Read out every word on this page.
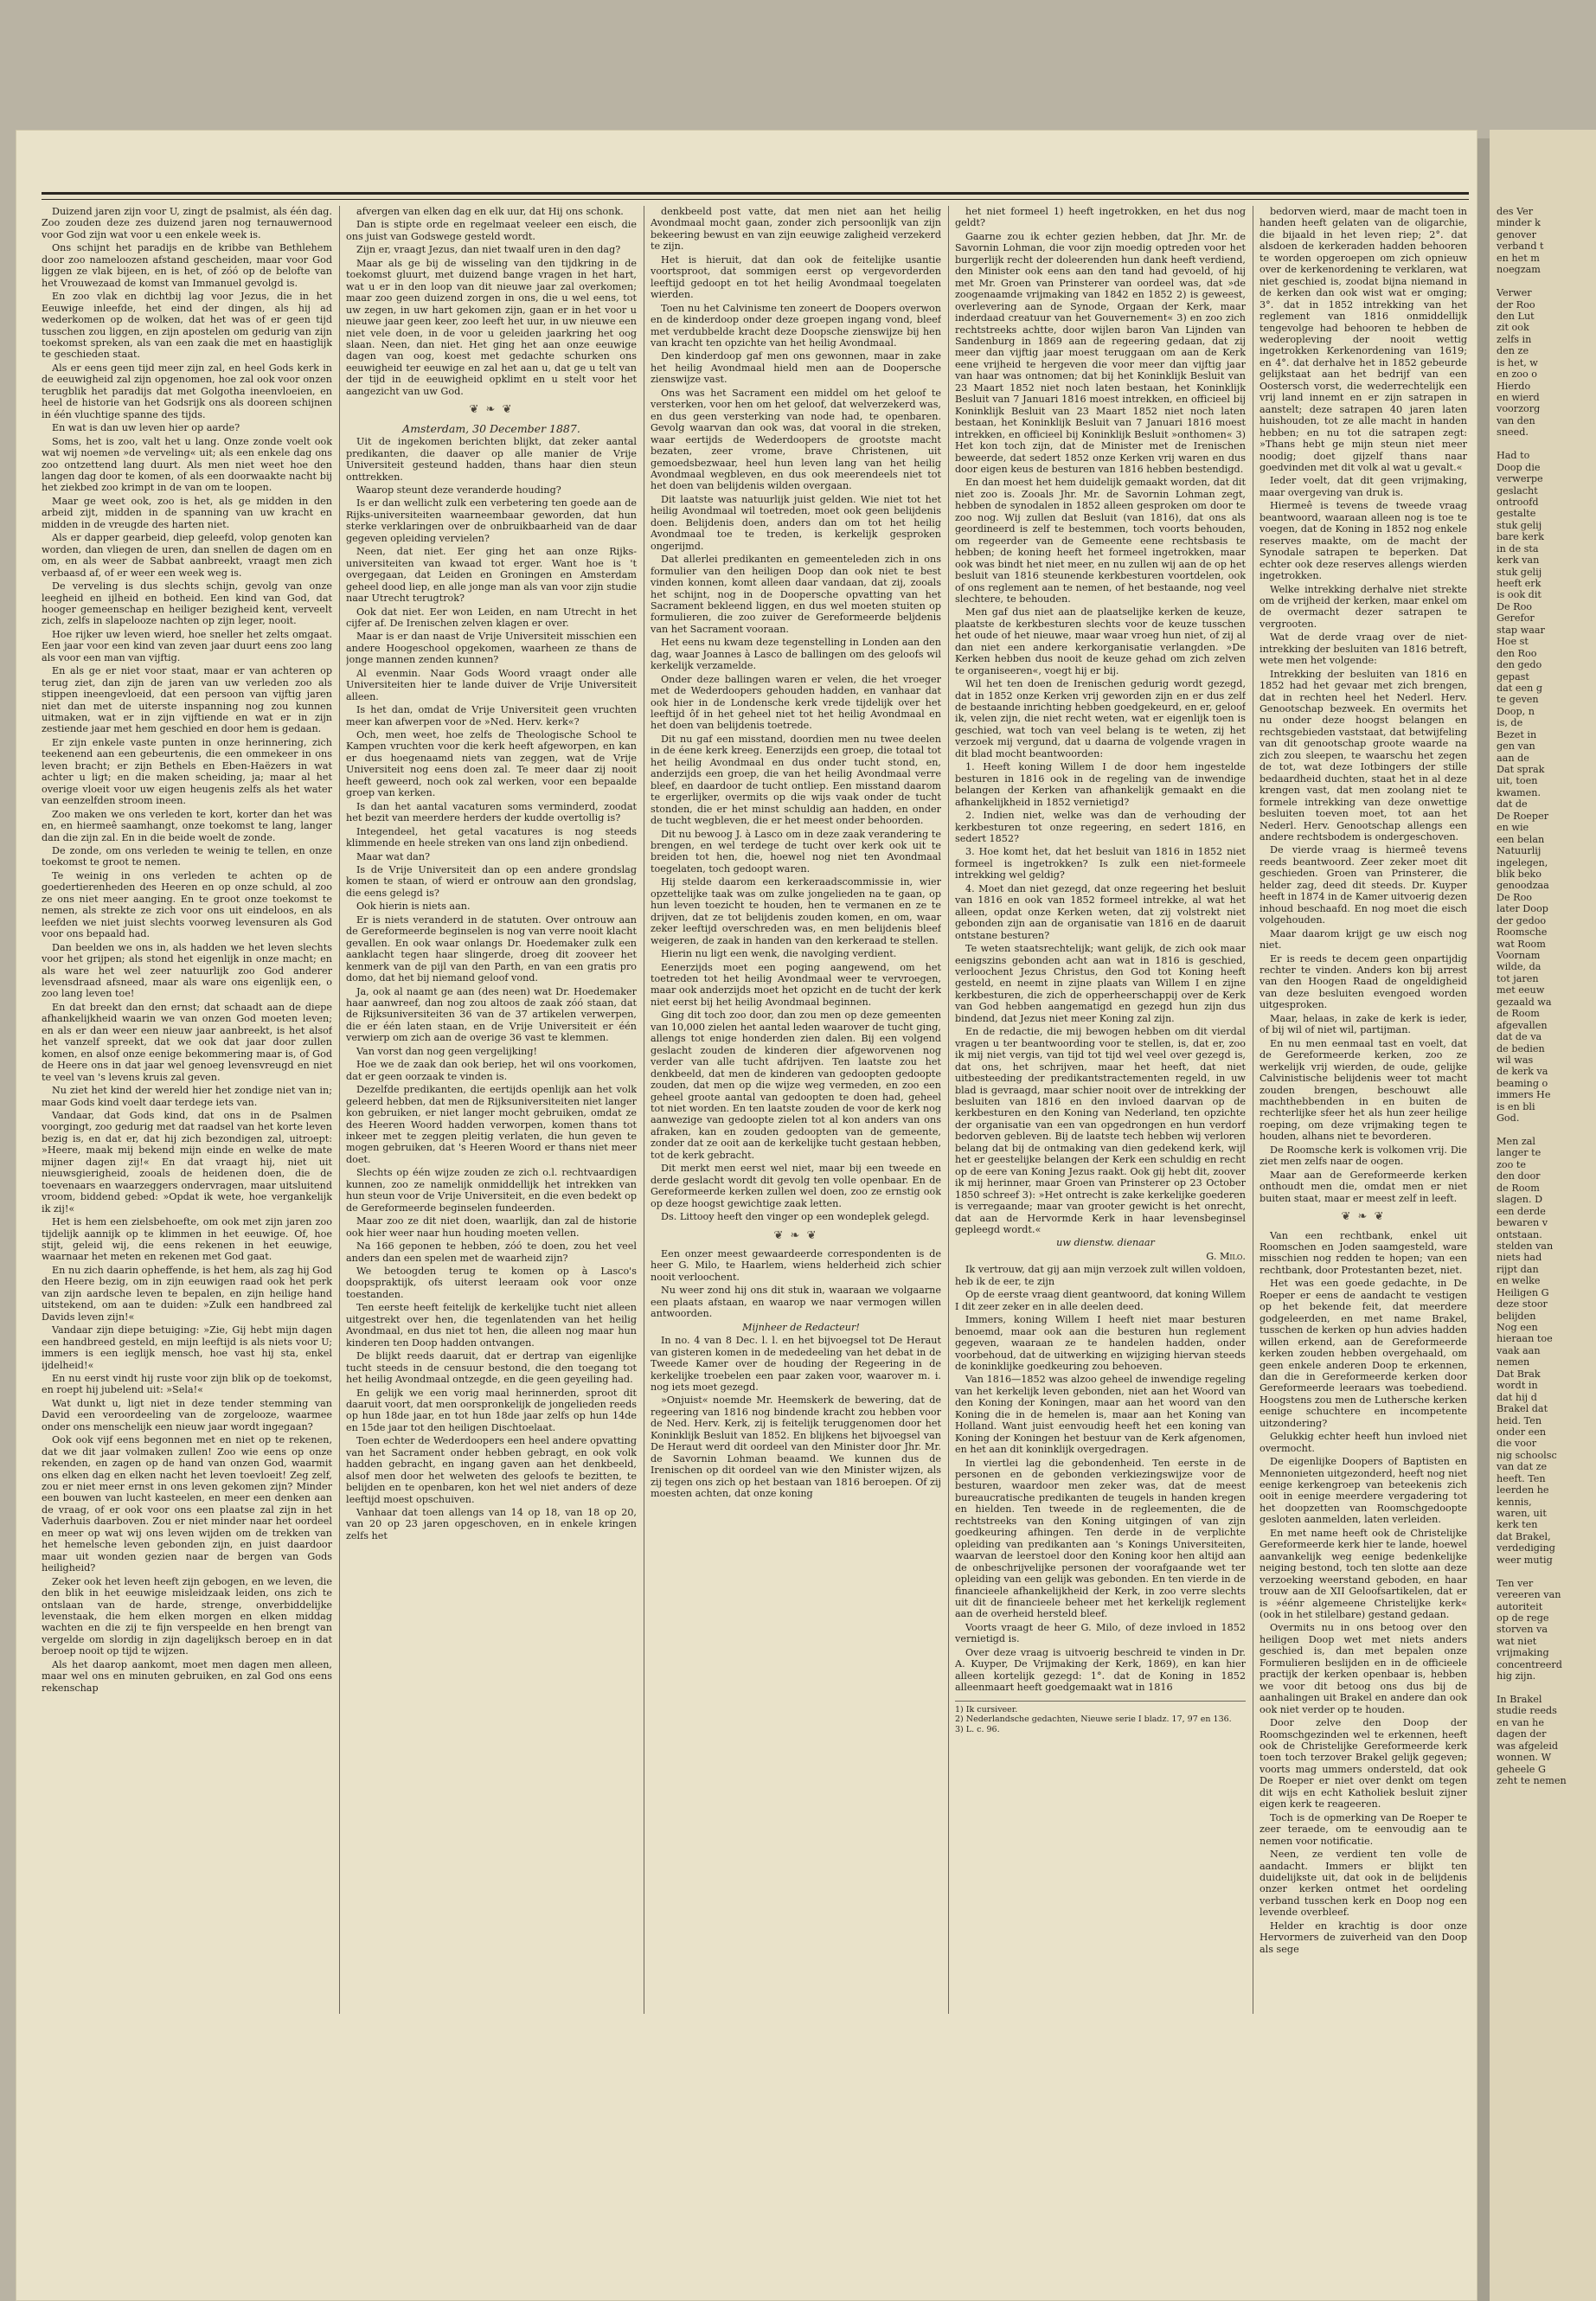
des Ver
minder k
genover
verband t
en het m
noegzam
Verwer
der Roo
den Lut
zit ook
zelfs in
den ze
is het, w
en zoo o
Hierdo
en wierd
voorzorg
van den
sneed.
Had to
Doop die
verwerpe
geslacht
ontroofd
gestalte
stuk gelij
bare kerk
in de sta
kerk van
stuk gelij
heeft erk
is ook dit
De Roo
Gerefor
stap waar
Hoe st
den Roo
den gedo
gepast
dat een g
te geven
Doop, n
is, de
Bezet in
gen van
aan de
Dat sprak
uit, toen
kwamen.
dat de
De Roeper
en wie
een belan
Natuurlij
ingelegen,
blik beko
genoodzaa
De Roo
later Doop
der gedoo
Roomsche
wat Room
Voornam
wilde, da
tot jaren
met eeuw
gezaald wa
de Room
afgevallen
dat de va
de bedien
wil was
de kerk va
beaming o
immers He
is en bli
God.
Men zal
langer te
zoo te
den door
de Room
slagen. D
een derde
bewaren v
ontstaan.
stelden van
niets had
rijpt dan
en welke
Heiligen G
deze stoor
belijden
Nog een
hieraan toe
vaak aan
nemen
Dat Brak
wordt in
dat hij d
Brakel dat
heid. Ten
onder een
die voor
nig schoolsc
van dat ze
heeft. Ten
leerden he
kennis,
waren, uit
kerk ten
dat Brakel,
verdediging
weer mutig
Ten ver
vereeren van
autoriteit
op de rege
storven va
wat niet
vrijmaking
concentreerd
hig zijn.
In Brakel
studie reeds
en van he
dagen der
was afgeleid
wonnen. W
geheele G
zeht te nemen

Duizend jaren zijn voor U, zingt de psalmist, als één dag. Zoo zouden deze zes duizend jaren nog ternauwernood voor God zijn wat voor u een enkele week is.

Ons schijnt het paradijs en de kribbe van Bethlehem door zoo nameloozen afstand gescheiden, maar voor God liggen ze vlak bijeen, en is het, of zóó op de belofte van het Vrouwezaad de komst van Immanuel gevolgd is.

En zoo vlak en dichtbij lag voor Jezus, die in het Eeuwige inleefde, het eind der dingen, als hij ad wederkomen op de wolken, dat het was of er geen tijd tusschen zou liggen, en zijn apostelen om gedurig van zijn toekomst spreken, als van een zaak die met en haastiglijk te geschieden staat.

Als er eens geen tijd meer zijn zal, en heel Gods kerk in de eeuwigheid zal zijn opgenomen, hoe zal ook voor onzen terugblik het paradijs dat met Golgotha ineenvloeien, en heel de historie van het Godsrijk ons als dooreen schijnen in één vluchtige spanne des tijds.

En wat is dan uw leven hier op aarde?

Soms, het is zoo, valt het u lang. Onze zonde voelt ook wat wij noemen »de verveling« uit; als een enkele dag ons zoo ontzettend lang duurt. Als men niet weet hoe den langen dag door te komen, of als een doorwaakte nacht bij het ziekbed zoo krimpt in de van om te loopen.

Maar ge weet ook, zoo is het, als ge midden in den arbeid zijt, midden in de spanning van uw kracht en midden in de vreugde des harten niet.

Als er dapper gearbeid, diep geleefd, volop genoten kan worden, dan vliegen de uren, dan snellen de dagen om en om, en als weer de Sabbat aanbreekt, vraagt men zich verbaasd af, of er weer een week weg is.

De verveling is dus slechts schijn, gevolg van onze leegheid en ijlheid en botheid. Een kind van God, dat hooger gemeenschap en heiliger bezigheid kent, verveelt zich, zelfs in slapelooze nachten op zijn leger, nooit.

Hoe rijker uw leven wierd, hoe sneller het zelts omgaat. Een jaar voor een kind van zeven jaar duurt eens zoo lang als voor een man van vijftig.

En als ge er niet voor staat, maar er van achteren op terug ziet, dan zijn de jaren van uw verleden zoo als stippen ineengevloeid, dat een persoon van vijftig jaren niet dan met de uiterste inspanning nog zou kunnen uitmaken, wat er in zijn vijftiende en wat er in zijn zestiende jaar met hem geschied en door hem is gedaan.

Er zijn enkele vaste punten in onze herinnering, zich teekenend aan een gebeurtenis, die een ommekeer in ons leven bracht; er zijn Bethels en Eben-Haëzers in wat achter u ligt; en die maken scheiding, ja; maar al het overige vloeit voor uw eigen heugenis zelfs als het water van eenzelfden stroom ineen.

Zoo maken we ons verleden te kort, korter dan het was en, en hiermeê saamhangt, onze toekomst te lang, langer dan die zijn zal. En in die beide woelt de zonde.

De zonde, om ons verleden te weinig te tellen, en onze toekomst te groot te nemen.

Te weinig in ons verleden te achten op de goedertierenheden des Heeren en op onze schuld, al zoo ze ons niet meer aanging. En te groot onze toekomst te nemen, als strekte ze zich voor ons uit eindeloos, en als leefden we niet juist slechts voorweg levensuren als God voor ons bepaald had.

Dan beelden we ons in, als hadden we het leven slechts voor het grijpen; als stond het eigenlijk in onze macht; en als ware het wel zeer natuurlijk zoo God anderer levensdraad afsneed, maar als ware ons eigenlijk een, o zoo lang leven toe!

En dat breekt dan den ernst; dat schaadt aan de diepe afhankelijkheid waarin we van onzen God moeten leven; en als er dan weer een nieuw jaar aanbreekt, is het alsof het vanzelf spreekt, dat we ook dat jaar door zullen komen, en alsof onze eenige bekommering maar is, of God de Heere ons in dat jaar wel genoeg levensvreugd en niet te veel van 's levens kruis zal geven.

Nu ziet het kind der wereld hier het zondige niet van in; maar Gods kind voelt daar terdege iets van.

Vandaar, dat Gods kind, dat ons in de Psalmen voorgingt, zoo gedurig met dat raadsel van het korte leven bezig is, en dat er, dat hij zich bezondigen zal, uitroept: »Heere, maak mij bekend mijn einde en welke de mate mijner dagen zij!« En dat vraagt hij, niet uit nieuwsgierigheid, zooals de heidenen doen, die de toevenaars en waarzeggers ondervragen, maar uitsluitend vroom, biddend gebed: »Opdat ik wete, hoe vergankelijk ik zij!«

Het is hem een zielsbehoefte, om ook met zijn jaren zoo tijdelijk aannijk op te klimmen in het eeuwige. Of, hoe stijt, geleid wij, die eens rekenen in het eeuwige, waarnaar het meten en rekenen met God gaat.

En nu zich daarin opheffende, is het hem, als zag hij God den Heere bezig, om in zijn eeuwigen raad ook het perk van zijn aardsche leven te bepalen, en zijn heilige hand uitstekend, om aan te duiden: »Zulk een handbreed zal Davids leven zijn!«

Vandaar zijn diepe betuiging: »Zie, Gij hebt mijn dagen een handbreed gesteld, en mijn leeftijd is als niets voor U; immers is een ieglijk mensch, hoe vast hij sta, enkel ijdelheid!«

En nu eerst vindt hij ruste voor zijn blik op de toekomst, en roept hij jubelend uit: »Sela!«

Wat dunkt u, ligt niet in deze tender stemming van David een veroordeeling van de zorgelooze, waarmee onder ons menschelijk een nieuw jaar wordt ingegaan?

Ook ook vijf eens begonnen met en niet op te rekenen, dat we dit jaar volmaken zullen! Zoo wie eens op onze rekenden, en zagen op de hand van onzen God, waarmit ons elken dag en elken nacht het leven toevloeit! Zeg zelf, zou er niet meer ernst in ons leven gekomen zijn? Minder een bouwen van lucht kasteelen, en meer een denken aan de vraag, of er ook voor ons een plaatse zal zijn in het Vaderhuis daarboven. Zou er niet minder naar het oordeel en meer op wat wij ons leven wijden om de trekken van het hemelsche leven gebonden zijn, en juist daardoor maar uit wonden gezien naar de bergen van Gods heiligheid?

Zeker ook het leven heeft zijn gebogen, en we leven, die den blik in het eeuwige misleidzaak leiden, ons zich te ontslaan van de harde, strenge, onverbiddelijke levenstaak, die hem elken morgen en elken middag wachten en die zij te fijn verspeelde en hen brengt van vergelde om slordig in zijn dagelijksch beroep en in dat beroep nooit op tijd te wijzen.

Als het daarop aankomt, moet men dagen men alleen, maar wel ons en minuten gebruiken, en zal God ons eens rekenschap

afvergen van elken dag en elk uur, dat Hij ons schonk.

Dan is stipte orde en regelmaat veeleer een eisch, die ons juist van Godswege gesteld wordt.

Zijn er, vraagt Jezus, dan niet twaalf uren in den dag?

Maar als ge bij de wisseling van den tijdkring in de toekomst gluurt, met duizend bange vragen in het hart, wat u er in den loop van dit nieuwe jaar zal overkomen; maar zoo geen duizend zorgen in ons, die u wel eens, tot uw zegen, in uw hart gekomen zijn, gaan er in het voor u nieuwe jaar geen keer, zoo leeft het uur, in uw nieuwe een niet vele doen, in de voor u geleiden jaarkring het oog slaan. Neen, dan niet. Het ging het aan onze eeuwige dagen van oog, koest met gedachte schurken ons eeuwigheid ter eeuwige en zal het aan u, dat ge u telt van der tijd in de eeuwigheid opklimt en u stelt voor het aangezicht van uw God.

❦ ❧ ❦

Amsterdam, 30 December 1887.

Uit de ingekomen berichten blijkt, dat zeker aantal predikanten, die daaver op alle manier de Vrije Universiteit gesteund hadden, thans haar dien steun onttrekken.

Waarop steunt deze veranderde houding?

Is er dan wellicht zulk een verbetering ten goede aan de Rijks-universiteiten waarneembaar geworden, dat hun sterke verklaringen over de onbruikbaarheid van de daar gegeven opleiding vervielen?

Neen, dat niet. Eer ging het aan onze Rijks-universiteiten van kwaad tot erger. Want hoe is 't overgegaan, dat Leiden en Groningen en Amsterdam geheel dood liep, en alle jonge man als van voor zijn studie naar Utrecht terugtrok?

Ook dat niet. Eer won Leiden, en nam Utrecht in het cijfer af. De Irenischen zelven klagen er over.

Maar is er dan naast de Vrije Universiteit misschien een andere Hoogeschool opgekomen, waarheen ze thans de jonge mannen zenden kunnen?

Al evenmin. Naar Gods Woord vraagt onder alle Universiteiten hier te lande duiver de Vrije Universiteit alleen.

Is het dan, omdat de Vrije Universiteit geen vruchten meer kan afwerpen voor de »Ned. Herv. kerk«?

Och, men weet, hoe zelfs de Theologische School te Kampen vruchten voor die kerk heeft afgeworpen, en kan er dus hoegenaamd niets van zeggen, wat de Vrije Universiteit nog eens doen zal. Te meer daar zij nooit heeft geweerd, noch ook zal werken, voor een bepaalde groep van kerken.

Is dan het aantal vacaturen soms verminderd, zoodat het bezit van meerdere herders der kudde overtollig is?

Integendeel, het getal vacatures is nog steeds klimmende en heele streken van ons land zijn onbediend.

Maar wat dan?

Is de Vrije Universiteit dan op een andere grondslag komen te staan, of wierd er ontrouw aan den grondslag, die eens gelegd is?

Ook hierin is niets aan.

Er is niets veranderd in de statuten. Over ontrouw aan de Gereformeerde beginselen is nog van verre nooit klacht gevallen. En ook waar onlangs Dr. Hoedemaker zulk een aanklacht tegen haar slingerde, droeg dit zooveer het kenmerk van de pijl van den Parth, en van een gratis pro domo, dat het bij niemand geloof vond.

Ja, ook al naamt ge aan (des neen) wat Dr. Hoedemaker haar aanwreef, dan nog zou altoos de zaak zóó staan, dat de Rijksuniversiteiten 36 van de 37 artikelen verwerpen, die er één laten staan, en de Vrije Universiteit er één verwierp om zich aan de overige 36 vast te klemmen.

Van vorst dan nog geen vergelijking!

Hoe we de zaak dan ook beriep, het wil ons voorkomen, dat er geen oorzaak te vinden is.

Dezelfde predikanten, die eertijds openlijk aan het volk geleerd hebben, dat men de Rijksuniversiteiten niet langer kon gebruiken, er niet langer mocht gebruiken, omdat ze des Heeren Woord hadden verworpen, komen thans tot inkeer met te zeggen pleitig verlaten, die hun geven te mogen gebruiken, dat 's Heeren Woord er thans niet meer doet.

Slechts op één wijze zouden ze zich o.l. rechtvaardigen kunnen, zoo ze namelijk onmiddellijk het intrekken van hun steun voor de Vrije Universiteit, en die even bedekt op de Gereformeerde beginselen fundeerden.

Maar zoo ze dit niet doen, waarlijk, dan zal de historie ook hier weer naar hun houding moeten vellen.

Na 166 geponen te hebben, zóó te doen, zou het veel anders dan een spelen met de waarheid zijn?

We betoogden terug te komen op à Lasco's doopspraktijk, ofs uiterst leeraam ook voor onze toestanden.

Ten eerste heeft feitelijk de kerkelijke tucht niet alleen uitgestrekt over hen, die tegenlatenden van het heilig Avondmaal, en dus niet tot hen, die alleen nog maar hun kinderen ten Doop hadden ontvangen.

De blijkt reeds daaruit, dat er dertrap van eigenlijke tucht steeds in de censuur bestond, die den toegang tot het heilig Avondmaal ontzegde, en die geen geyeiling had.

En gelijk we een vorig maal herinnerden, sproot dit daaruit voort, dat men oorspronkelijk de jongelieden reeds op hun 18de jaar, en tot hun 18de jaar zelfs op hun 14de en 15de jaar tot den heiligen Dischtoelaat.

Toen echter de Wederdoopers een heel andere opvatting van het Sacrament onder hebben gebragt, en ook volk hadden gebracht, en ingang gaven aan het denkbeeld, alsof men door het welweten des geloofs te bezitten, te belijden en te openbaren, kon het wel niet anders of deze leeftijd moest opschuiven.

Vanhaar dat toen allengs van 14 op 18, van 18 op 20, van 20 op 23 jaren opgeschoven, en in enkele kringen zelfs het

denkbeeld post vatte, dat men niet aan het heilig Avondmaal mocht gaan, zonder zich persoonlijk van zijn bekeering bewust en van zijn eeuwige zaligheid verzekerd te zijn.

Het is hieruit, dat dan ook de feitelijke usantie voortsproot, dat sommigen eerst op vergevorderden leeftijd gedoopt en tot het heilig Avondmaal toegelaten wierden.

Toen nu het Calvinisme ten zoneert de Doopers overwon en de kinderdoop onder deze groepen ingang vond, bleef met verdubbelde kracht deze Doopsche zienswijze bij hen van kracht ten opzichte van het heilig Avondmaal.

Den kinderdoop gaf men ons gewonnen, maar in zake het heilig Avondmaal hield men aan de Doopersche zienswijze vast.

Ons was het Sacrament een middel om het geloof te versterken, voor hen om het geloof, dat welverzekerd was, en dus geen versterking van node had, te openbaren. Gevolg waarvan dan ook was, dat vooral in die streken, waar eertijds de Wederdoopers de grootste macht bezaten, zeer vrome, brave Christenen, uit gemoedsbezwaar, heel hun leven lang van het heilig Avondmaal wegbleven, en dus ook meerendeels niet tot het doen van belijdenis wilden overgaan.

Dit laatste was natuurlijk juist gelden. Wie niet tot het heilig Avondmaal wil toetreden, moet ook geen belijdenis doen. Belijdenis doen, anders dan om tot het heilig Avondmaal toe te treden, is kerkelijk gesproken ongerijmd.

Dat allerlei predikanten en gemeenteleden zich in ons formulier van den heiligen Doop dan ook niet te best vinden konnen, komt alleen daar vandaan, dat zij, zooals het schijnt, nog in de Doopersche opvatting van het Sacrament bekleend liggen, en dus wel moeten stuiten op formulieren, die zoo zuiver de Gereformeerde beljdenis van het Sacrament vooraan.

Het eens nu kwam deze tegenstelling in Londen aan den dag, waar Joannes à Lasco de ballingen om des geloofs wil kerkelijk verzamelde.

Onder deze ballingen waren er velen, die het vroeger met de Wederdoopers gehouden hadden, en vanhaar dat ook hier in de Londensche kerk vrede tijdelijk over het leeftijd ôf in het geheel niet tot het heilig Avondmaal en het doen van belijdenis toetrede.

Dit nu gaf een misstand, doordien men nu twee deelen in de éene kerk kreeg. Eenerzijds een groep, die totaal tot het heilig Avondmaal en dus onder tucht stond, en, anderzijds een groep, die van het heilig Avondmaal verre bleef, en daardoor de tucht ontliep. Een misstand daarom te ergerlijker, overmits op die wijs vaak onder de tucht stonden, die er het minst schuldig aan hadden, en onder de tucht wegbleven, die er het meest onder behoorden.

Dit nu bewoog J. à Lasco om in deze zaak verandering te brengen, en wel terdege de tucht over kerk ook uit te breiden tot hen, die, hoewel nog niet ten Avondmaal toegelaten, toch gedoopt waren.

Hij stelde daarom een kerkeraadscommissie in, wier opzettelijke taak was om zulke jongelieden na te gaan, op hun leven toezicht te houden, hen te vermanen en ze te drijven, dat ze tot belijdenis zouden komen, en om, waar zeker leeftijd overschreden was, en men belijdenis bleef weigeren, de zaak in handen van den kerkeraad te stellen.

Hierin nu ligt een wenk, die navolging verdient.

Eenerzijds moet een poging aangewend, om het toetreden tot het heilig Avondmaal weer te vervroegen, maar ook anderzijds moet het opzicht en de tucht der kerk niet eerst bij het heilig Avondmaal beginnen.

Ging dit toch zoo door, dan zou men op deze gemeenten van 10,000 zielen het aantal leden waarover de tucht ging, allengs tot enige honderden zien dalen. Bij een volgend geslacht zouden de kinderen dier afgeworvenen nog verder van alle tucht afdrijven. Ten laatste zou het denkbeeld, dat men de kinderen van gedoopten gedoopte zouden, dat men op die wijze weg vermeden, en zoo een geheel groote aantal van gedoopten te doen had, geheel tot niet worden. En ten laatste zouden de voor de kerk nog aanwezige van gedoopte zielen tot al kon anders van ons afraken, kan en zouden gedoopten van de gemeente, zonder dat ze ooit aan de kerkelijke tucht gestaan hebben, tot de kerk gebracht.

Dit merkt men eerst wel niet, maar bij een tweede en derde geslacht wordt dit gevolg ten volle openbaar. En de Gereformeerde kerken zullen wel doen, zoo ze ernstig ook op deze hoogst gewichtige zaak letten.

Ds. Littooy heeft den vinger op een wondeplek gelegd.

❦ ❧ ❦

Een onzer meest gewaardeerde correspondenten is de heer G. Milo, te Haarlem, wiens helderheid zich schier nooit verloochent.

Nu weer zond hij ons dit stuk in, waaraan we volgaarne een plaats afstaan, en waarop we naar vermogen willen antwoorden.

Mijnheer de Redacteur!

In no. 4 van 8 Dec. l. l. en het bijvoegsel tot De Heraut van gisteren komen in de mededeeling van het debat in de Tweede Kamer over de houding der Regeering in de kerkelijke troebelen een paar zaken voor, waarover m. i. nog iets moet gezegd.

»Onjuist« noemde Mr. Heemskerk de bewering, dat de regeering van 1816 nog bindende kracht zou hebben voor de Ned. Herv. Kerk, zij is feitelijk teruggenomen door het Koninklijk Besluit van 1852. En blijkens het bijvoegsel van De Heraut werd dit oordeel van den Minister door Jhr. Mr. de Savornin Lohman beaamd. We kunnen dus de Irenischen op dit oordeel van wie den Minister wijzen, als zij tegen ons zich op het bestaan van 1816 beroepen. Of zij moesten achten, dat onze koning

het niet formeel 1) heeft ingetrokken, en het dus nog geldt?

Gaarne zou ik echter gezien hebben, dat Jhr. Mr. de Savornin Lohman, die voor zijn moedig optreden voor het burgerlijk recht der doleerenden hun dank heeft verdiend, den Minister ook eens aan den tand had gevoeld, of hij met Mr. Groen van Prinsterer van oordeel was, dat »de zoogenaamde vrijmaking van 1842 en 1852 2) is geweest, overlevering aan de Synode, Orgaan der Kerk, maar inderdaad creatuur van het Gouvernement« 3) en zoo zich rechtstreeks achtte, door wijlen baron Van Lijnden van Sandenburg in 1869 aan de regeering gedaan, dat zij meer dan vijftig jaar moest teruggaan om aan de Kerk eene vrijheid te hergeven die voor meer dan vijftig jaar van haar was ontnomen; dat bij het Koninklijk Besluit van 23 Maart 1852 niet noch laten bestaan, het Koninklijk Besluit van 7 Januari 1816 moest intrekken, en officieel bij Koninklijk Besluit van 23 Maart 1852 niet noch laten bestaan, het Koninklijk Besluit van 7 Januari 1816 moest intrekken, en officieel bij Koninklijk Besluit »onthomen« 3) Het kon toch zijn, dat de Minister met de Irenischen beweerde, dat sedert 1852 onze Kerken vrij waren en dus door eigen keus de besturen van 1816 hebben bestendigd.

En dan moest het hem duidelijk gemaakt worden, dat dit niet zoo is. Zooals Jhr. Mr. de Savornin Lohman zegt, hebben de synodalen in 1852 alleen gesproken om door te zoo nog. Wij zullen dat Besluit (van 1816), dat ons als geordineerd is zelf te bestemmen, toch voorts behouden, om regeerder van de Gemeente eene rechtsbasis te hebben; de koning heeft het formeel ingetrokken, maar ook was bindt het niet meer, en nu zullen wij aan de op het besluit van 1816 steunende kerkbesturen voortdelen, ook of ons reglement aan te nemen, of het bestaande, nog veel slechtere, te behouden.

Men gaf dus niet aan de plaatselijke kerken de keuze, plaatste de kerkbesturen slechts voor de keuze tusschen het oude of het nieuwe, maar waar vroeg hun niet, of zij al dan niet een andere kerkorganisatie verlangden. »De Kerken hebben dus nooit de keuze gehad om zich zelven te organiseeren«, voegt hij er bij.

Wil het ten doen de Irenischen gedurig wordt gezegd, dat in 1852 onze Kerken vrij geworden zijn en er dus zelf de bestaande inrichting hebben goedgekeurd, en er, geloof ik, velen zijn, die niet recht weten, wat er eigenlijk toen is geschied, wat toch van veel belang is te weten, zij het verzoek mij vergund, dat u daarna de volgende vragen in dit blad mocht beantwoorden:

1. Heeft koning Willem I de door hem ingestelde besturen in 1816 ook in de regeling van de inwendige belangen der Kerken van afhankelijk gemaakt en die afhankelijkheid in 1852 vernietigd?

2. Indien niet, welke was dan de verhouding der kerkbesturen tot onze regeering, en sedert 1816, en sedert 1852?

3. Hoe komt het, dat het besluit van 1816 in 1852 niet formeel is ingetrokken? Is zulk een niet-formeele intrekking wel geldig?

4. Moet dan niet gezegd, dat onze regeering het besluit van 1816 en ook van 1852 formeel intrekke, al wat het alleen, opdat onze Kerken weten, dat zij volstrekt niet gebonden zijn aan de organisatie van 1816 en de daaruit ontstane besturen?

Te weten staatsrechtelijk; want gelijk, de zich ook maar eenigszins gebonden acht aan wat in 1816 is geschied, verloochent Jezus Christus, den God tot Koning heeft gesteld, en neemt in zijne plaats van Willem I en zijne kerkbesturen, die zich de opperheerschappij over de Kerk van God hebben aangematigd en gezegd hun zijn dus bindend, dat Jezus niet meer Koning zal zijn.

En de redactie, die mij bewogen hebben om dit vierdal vragen u ter beantwoording voor te stellen, is, dat er, zoo ik mij niet vergis, van tijd tot tijd wel veel over gezegd is, dat ons, het schrijven, maar het heeft, dat niet uitbesteeding der predikantstractementen regeld, in uw blad is gevraagd, maar schier nooit over de intrekking der besluiten van 1816 en den invloed daarvan op de kerkbesturen en den Koning van Nederland, ten opzichte der organisatie van een van opgedrongen en hun verdorf bedorven gebleven. Bij de laatste tech hebben wij verloren belang dat bij de ontmaking van dien gedekend kerk, wijl het er geestelijke belangen der Kerk een schuldig en recht op de eere van Koning Jezus raakt. Ook gij hebt dit, zoover ik mij herinner, maar Groen van Prinsterer op 23 October 1850 schreef 3): »Het ontrecht is zake kerkelijke goederen is verregaande; maar van grooter gewicht is het onrecht, dat aan de Hervormde Kerk in haar levensbeginsel gepleegd wordt.«

uw dienstw. dienaar

G. Milo.

Ik vertrouw, dat gij aan mijn verzoek zult willen voldoen, heb ik de eer, te zijn

Op de eerste vraag dient geantwoord, dat koning Willem I dit zeer zeker en in alle deelen deed.

Immers, koning Willem I heeft niet maar besturen benoemd, maar ook aan die besturen hun reglement gegeven, waaraan ze te handelen hadden, onder voorbehoud, dat de uitwerking en wijziging hiervan steeds de koninklijke goedkeuring zou behoeven.

Van 1816—1852 was alzoo geheel de inwendige regeling van het kerkelijk leven gebonden, niet aan het Woord van den Koning der Koningen, maar aan het woord van den Koning die in de hemelen is, maar aan het Koning van Holland. Want juist eenvoudig heeft het een koning van Koning der Koningen het bestuur van de Kerk afgenomen, en het aan dit koninklijk overgedragen.

In viertlei lag die gebondenheid. Ten eerste in de personen en de gebonden verkiezingswijze voor de besturen, waardoor men zeker was, dat de meest bureaucratische predikanten de teugels in handen kregen en hielden. Ten tweede in de regleementen, die de rechtstreeks van den Koning uitgingen of van zijn goedkeuring afhingen. Ten derde in de verplichte opleiding van predikanten aan 's Konings Universiteiten, waarvan de leerstoel door den Koning koor hen altijd aan de onbeschrijvelijke personen der voorafgaande wet ter opleiding van een gelijk was gebonden. En ten vierde in de financieele afhankelijkheid der Kerk, in zoo verre slechts uit dit de financieele beheer met het kerkelijk reglement aan de overheid hersteld bleef.

Voorts vraagt de heer G. Milo, of deze invloed in 1852 vernietigd is.

Over deze vraag is uitvoerig beschreid te vinden in Dr. A. Kuyper, De Vrijmaking der Kerk, 1869), en kan hier alleen kortelijk gezegd: 1°. dat de Koning in 1852 alleenmaart heeft goedgemaakt wat in 1816

1) Ik cursiveer.
2) Nederlandsche gedachten, Nieuwe serie I bladz. 17, 97 en 136.
3) L. c. 96.

bedorven wierd, maar de macht toen in handen heeft gelaten van de oligarchie, die bijaald in het leven riep; 2°. dat alsdoen de kerkeraden hadden behooren te worden opgeroepen om zich opnieuw over de kerkenordening te verklaren, wat niet geschied is, zoodat bijna niemand in de kerken dan ook wist wat er omging; 3°. dat in 1852 intrekking van het reglement van 1816 onmiddellijk tengevolge had behooren te hebben de wederopleving der nooit wettig ingetrokken Kerkenordening van 1619; en 4°. dat derhalve het in 1852 gebeurde gelijkstaat aan het bedrijf van een Oostersch vorst, die wederrechtelijk een vrij land innemt en er zijn satrapen in aanstelt; deze satrapen 40 jaren laten huishouden, tot ze alle macht in handen hebben; en nu tot die satrapen zegt: »Thans hebt ge mijn steun niet meer noodig; doet gijzelf thans naar goedvinden met dit volk al wat u gevalt.«

Ieder voelt, dat dit geen vrijmaking, maar overgeving van druk is.

Hiermeê is tevens de tweede vraag beantwoord, waaraan alleen nog is toe te voegen, dat de Koning in 1852 nog enkele reserves maakte, om de macht der Synodale satrapen te beperken. Dat echter ook deze reserves allengs wierden ingetrokken.

Welke intrekking derhalve niet strekte om de vrijheid der kerken, maar enkel om de overmacht dezer satrapen te vergrooten.

Wat de derde vraag over de niet-intrekking der besluiten van 1816 betreft, wete men het volgende:

Intrekking der besluiten van 1816 en 1852 had het gevaar met zich brengen, dat in rechten heel het Nederl. Herv. Genootschap bezweek. En overmits het nu onder deze hoogst belangen en rechtsgebieden vaststaat, dat betwijfeling van dit genootschap groote waarde na zich zou sleepen, te waarschu het zegen de tot, wat deze Iotbingers der stille bedaardheid duchten, staat het in al deze krengen vast, dat men zoolang niet te formele intrekking van deze onwettige besluiten toeven moet, tot aan het Nederl. Herv. Genootschap allengs een andere rechtsbodem is ondergeschoven.

De vierde vraag is hiermeê tevens reeds beantwoord. Zeer zeker moet dit geschieden. Groen van Prinsterer, die helder zag, deed dit steeds. Dr. Kuyper heeft in 1874 in de Kamer uitvoerig dezen inhoud beschaafd. En nog moet die eisch volgehouden.

Maar daarom krijgt ge uw eisch nog niet.

Er is reeds te decem geen onpartijdig rechter te vinden. Anders kon bij arrest van den Hoogen Raad de ongeldigheid van deze besluiten evengoed worden uitgesproken.

Maar, helaas, in zake de kerk is ieder, of bij wil of niet wil, partijman.

En nu men eenmaal tast en voelt, dat de Gereformeerde kerken, zoo ze werkelijk vrij wierden, de oude, gelijke Calvinistische belijdenis weer tot macht zouden brengen, beschouwt alle machthebbenden in en buiten de rechterlijke sfeer het als hun zeer heilige roeping, om deze vrijmaking tegen te houden, alhans niet te bevorderen.

De Roomsche kerk is volkomen vrij. Die ziet men zelfs naar de oogen.

Maar aan de Gereformeerde kerken onthoudt men die, omdat men er niet buiten staat, maar er meest zelf in leeft.

❦ ❧ ❦

Van een rechtbank, enkel uit Roomschen en Joden saamgesteld, ware misschien nog redden te hopen; van een rechtbank, door Protestanten bezet, niet.

Het was een goede gedachte, in De Roeper er eens de aandacht te vestigen op het bekende feit, dat meerdere godgeleerden, en met name Brakel, tusschen de kerken op hun advies hadden willen erkend, aan de Gereformeerde kerken zouden hebben overgehaald, om geen enkele anderen Doop te erkennen, dan die in Gereformeerde kerken door Gereformeerde leeraars was toebediend. Hoogstens zou men de Luthersche kerken eenige schuchtere en incompetente uitzondering?

Gelukkig echter heeft hun invloed niet overmocht.

De eigenlijke Doopers of Baptisten en Mennonieten uitgezonderd, heeft nog niet eenige kerkengroep van beteekenis zich ooit in eenige meerdere vergadering tot het doopzetten van Roomschgedoopte gesloten aanmelden, laten verleiden.

En met name heeft ook de Christelijke Gereformeerde kerk hier te lande, hoewel aanvankelijk weg eenige bedenkelijke neiging bestond, toch ten slotte aan deze verzoeking weerstand geboden, en haar trouw aan de XII Geloofsartikelen, dat er is »éénr algemeene Christelijke kerk« (ook in het stilelbare) gestand gedaan.

Overmits nu in ons betoog over den heiligen Doop wet met niets anders geschied is, dan met bepalen onze Formulieren beslijden en in de officieele practijk der kerken openbaar is, hebben we voor dit betoog ons dus bij de aanhalingen uit Brakel en andere dan ook ook niet verder op te houden.

Door zelve den Doop der Roomschgezinden wel te erkennen, heeft ook de Christelijke Gereformeerde kerk toen toch terzover Brakel gelijk gegeven; voorts mag ummers ondersteld, dat ook De Roeper er niet over denkt om tegen dit wijs en echt Katholiek besluit zijner eigen kerk te reageeren.

Toch is de opmerking van De Roeper te zeer teraede, om te eenvoudig aan te nemen voor notificatie.

Neen, ze verdient ten volle de aandacht. Immers er blijkt ten duidelijkste uit, dat ook in de belijdenis onzer kerken ontmet het oordeling verband tusschen kerk en Doop nog een levende overbleef.

Helder en krachtig is door onze Hervormers de zuiverheid van den Doop als sege
